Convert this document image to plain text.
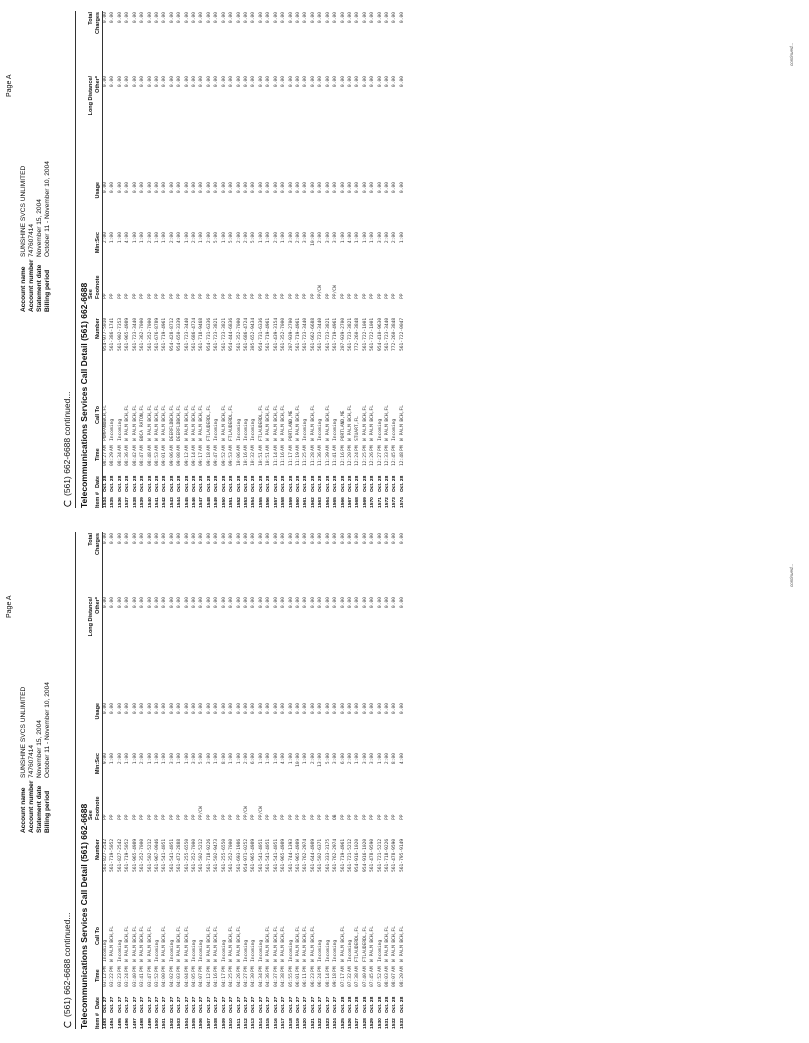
Page A
Account name Account number Statement date Billing period
SUNSHINE SVCS UNLIMITED 747607414 November 15, 2004 October 11 - November 10, 2004
(561) 662-6688 continued... Telecommunications Services Call Detail (561) 662-6688 See
Long Distance/
Total
Item #
Date
Time
Call To
Number
Footnote
Min:Sec
Usage
Other*
Charges
1493
Oct. 27
03:12
PM
Incoming
561-827-2542
PP
9:00
0.00
0.00
0.00
1494
Oct. 27
03:22
PM
W PALM BCH,FL
561-719-5052
PP
1:00
0.00
0.00
0.00
1495
Oct. 27
03:23
PM
Incoming
561-827-2542
PP
2:00
0.00
0.00
0.00
1496
Oct. 27
03:24
PM
W PALM BCH,FL
561-719-5052
PP
1:00
0.00
0.00
0.00
1497
Oct. 27
03:40
PM
W PALM BCH,FL
561-965-4989
PP
1:00
0.00
0.00
0.00
1498
Oct. 27
03:41
PM
W PALM BCH,FL
561-352-7000
PP
2:00
0.00
0.00
0.00
1499
Oct. 27
03:47
PM
W PALM BCH,FL
561-502-5212
PP
1:00
0.00
0.00
0.00
1500
Oct. 27
03:52
PM
Incoming
561-967-0946
PP
1:00
0.00
0.00
0.00
1501
Oct. 27
04:00
PM
W PALM BCH,FL
561-541-4051
PP
1:00
0.00
0.00
0.00
1502
Oct. 27
04:02
PM
Incoming
561-541-4051
PP
3:00
0.00
0.00
0.00
1503
Oct. 27
04:03
PM
W PALM BCH,FL
561-472-2888
PP
1:00
0.00
0.00
0.00
1504
Oct. 27
04:04
PM
W PALM BCH,FL
561-255-6550
PP
1:00
0.00
0.00
0.00
1505
Oct. 27
04:05
PM
Incoming
561-352-7000
PP
3:00
0.00
0.00
0.00
1506
Oct. 27
04:07
PM
Incoming
561-502-5212
PP/CW
5:00
0.00
0.00
0.00
1507
Oct. 27
04:12
PM
W PALM BCH,FL
561-718-9226
PP
3:00
0.00
0.00
0.00
1508
Oct. 27
04:16
PM
W PALM BCH,FL
561-502-9473
PP
1:00
0.00
0.00
0.00
1509
Oct. 27
04:17
PM
Incoming
561-255-6550
PP
8:00
0.00
0.00
0.00
1510
Oct. 27
04:25
PM
W PALM BCH,FL
561-352-7000
PP
1:00
0.00
0.00
0.00
1511
Oct. 27
04:26
PM
W PALM BCH,FL
561-693-1986
PP
1:00
0.00
0.00
0.00
1512
Oct. 27
04:27
PM
Incoming
954-971-0252
PP/CW
2:00
0.00
0.00
0.00
1513
Oct. 27
04:30
PM
Incoming
561-965-4989
PP
6:00
0.00
0.00
0.00
1514
Oct. 27
04:34
PM
Incoming
561-541-4051
PP/CW
1:00
0.00
0.00
0.00
1515
Oct. 27
04:36
PM
W PALM BCH,FL
561-541-4051
PP
1:00
0.00
0.00
0.00
1516
Oct. 27
04:37
PM
W PALM BCH,FL
561-541-4051
PP
1:00
0.00
0.00
0.00
1517
Oct. 27
04:38
PM
W PALM BCH,FL
561-965-4989
PP
4:00
0.00
0.00
0.00
1518
Oct. 27
05:55
PM
Incoming
561-744-1393
PP
1:00
0.00
0.00
0.00
1519
Oct. 27
06:01
PM
W PALM BCH,FL
561-965-4989
PP
10:00
0.00
0.00
0.00
1520
Oct. 27
06:11
PM
W PALM BCH,FL
561-762-2974
PP
1:00
0.00
0.00
0.00
1521
Oct. 27
06:23
PM
W PALM BCH,FL
561-644-4989
PP
2:00
0.00
0.00
0.00
1522
Oct. 27
06:24
PM
Incoming
561-502-6371
PP
13:00
0.00
0.00
0.00
1523
Oct. 27
08:14
PM
Incoming
561-333-3175
PP
5:00
0.00
0.00
0.00
1524
Oct. 27
09:18
PM
Incoming
561-762-2974
OB
3:00
0.00
0.00
0.00
1525
Oct. 28
07:17
AM
W PALM BCH,FL
561-719-4961
PP
6:00
0.00
0.00
0.00
1526
Oct. 28
07:32
AM
Incoming
561-721-5212
PP
2:00
0.00
0.00
0.00
1527
Oct. 28
07:38
AM
FTLAUDERDL,FL
954-916-1020
PP
1:00
0.00
0.00
0.00
1528
Oct. 28
07:40
AM
FTLAUDERDL,FL
954-916-1020
PP
3:00
0.00
0.00
0.00
1529
Oct. 28
07:45
AM
W PALM BCH,FL
561-478-9590
PP
3:00
0.00
0.00
0.00
1530
Oct. 28
07:52
AM
Incoming
561-721-5212
PP
1:00
0.00
0.00
0.00
1531
Oct. 28
08:03
AM
W PALM BCH,FL
561-718-9226
PP
2:00
0.00
0.00
0.00
1532
Oct. 28
08:07
AM
W PALM BCH,FL
561-478-9590
PP
8:00
0.00
0.00
0.00
1533
Oct. 28
08:20
AM
W PALM BCH,FL
561-795-9149
PP
4:00
0.00
0.00
0.00
continued...
Page A
Account name Account number Statement date Billing period
SUNSHINE SVCS UNLIMITED 747607414 November 15, 2004 October 11 - November 10, 2004
(561) 662-6688 continued... Telecommunications Services Call Detail (561) 662-6688 See
Long Distance/
Total
Item #
Date
Time
Call To
Number
Footnote
Min:Sec
Usage
Other*
Charges
1534
Oct. 28
08:27
AM
POMPANOBCH,FL
954-977-5010
PP
2:00
0.00
0.00
0.00
1535
Oct. 28
08:29
AM
Incoming
561-386-1741
PP
1:00
0.00
0.00
0.00
1536
Oct. 28
08:34
AM
Incoming
561-902-7353
PP
1:00
0.00
0.00
0.00
1537
Oct. 28
08:36
AM
W PALM BCH,FL
561-965-4989
PP
4:00
0.00
0.00
0.00
1538
Oct. 28
08:42
AM
W PALM BCH,FL
561-723-3440
PP
1:00
0.00
0.00
0.00
1539
Oct. 28
08:47
AM
BOCA RATON,FL
561-362-7000
PP
1:00
0.00
0.00
0.00
1540
Oct. 28
08:48
AM
W PALM BCH,FL
561-352-7000
PP
2:00
0.00
0.00
0.00
1541
Oct. 28
08:53
AM
W PALM BCH,FL
561-676-8789
PP
1:00
0.00
0.00
0.00
1542
Oct. 28
09:01
AM
W PALM BCH,FL
561-719-4961
PP
1:00
0.00
0.00
0.00
1543
Oct. 28
09:06
AM
DEERFLDBCH,FL
954-428-8712
PP
2:00
0.00
0.00
0.00
1544
Oct. 28
09:08
AM
DEERFLDBCH,FL
954-650-3339
PP
4:00
0.00
0.00
0.00
1545
Oct. 28
09:12
AM
W PALM BCH,FL
561-723-3440
PP
1:00
0.00
0.00
0.00
1546
Oct. 28
09:14
AM
W PALM BCH,FL
561-686-4724
PP
2:00
0.00
0.00
0.00
1547
Oct. 28
09:17
AM
W PALM BCH,FL
561-718-9468
PP
1:00
0.00
0.00
0.00
1548
Oct. 28
09:18
AM
FTLAUDERDL,FL
954-731-6336
PP
2:00
0.00
0.00
0.00
1549
Oct. 28
09:47
AM
Incoming
561-723-3821
PP
5:00
0.00
0.00
0.00
1550
Oct. 28
09:52
AM
W PALM BCH,FL
561-723-3821
PP
1:00
0.00
0.00
0.00
1551
Oct. 28
09:53
AM
FTLAUDERDL,FL
954-444-6836
PP
5:00
0.00
0.00
0.00
1552
Oct. 28
10:06
AM
Incoming
561-352-7000
PP
2:00
0.00
0.00
0.00
1553
Oct. 28
10:16
AM
Incoming
561-686-4724
PP
2:00
0.00
0.00
0.00
1554
Oct. 28
10:32
AM
Incoming
305-652-9434
PP
5:00
0.00
0.00
0.00
1555
Oct. 28
10:51
AM
FTLAUDERDL,FL
954-731-6336
PP
1:00
0.00
0.00
0.00
1556
Oct. 28
10:51
AM
W PALM BCH,FL
561-719-4961
PP
1:00
0.00
0.00
0.00
1557
Oct. 28
11:14
AM
W PALM BCH,FL
561-439-3154
PP
2:00
0.00
0.00
0.00
1558
Oct. 28
11:16
AM
W PALM BCH,FL
561-352-7000
PP
1:00
0.00
0.00
0.00
1559
Oct. 28
11:17
AM
PORTLAND,ME
207-939-2700
PP
3:00
0.00
0.00
0.00
1560
Oct. 28
11:19
AM
W PALM BCH,FL
561-719-4961
PP
2:00
0.00
0.00
0.00
1561
Oct. 28
11:25
AM
Incoming
561-723-3440
PP
3:00
0.00
0.00
0.00
1562
Oct. 28
11:28
AM
W PALM BCH,FL
561-662-6688
PP
10:00
0.00
0.00
0.00
1563
Oct. 28
11:36
AM
Incoming
561-723-3440
PP/CW
2:00
0.00
0.00
0.00
1564
Oct. 28
11:39
AM
W PALM BCH,FL
561-723-3821
PP
3:00
0.00
0.00
0.00
1565
Oct. 28
11:41
AM
Incoming
561-719-4961
PP/CW
3:00
0.00
0.00
0.00
1566
Oct. 28
12:16
PM
PORTLAND,ME
207-939-2700
PP
1:00
0.00
0.00
0.00
1567
Oct. 28
12:20
PM
W PALM BCH,FL
561-723-3821
PP
4:00
0.00
0.00
0.00
1568
Oct. 28
12:24
PM
STUART,FL
772-260-3848
PP
1:00
0.00
0.00
0.00
1569
Oct. 28
12:25
PM
W PALM BCH,FL
561-722-1001
PP
1:00
0.00
0.00
0.00
1570
Oct. 28
12:26
PM
W PALM BCH,FL
561-722-1001
PP
1:00
0.00
0.00
0.00
1571
Oct. 28
12:27
PM
Incoming
954-410-9630
PP
3:00
0.00
0.00
0.00
1572
Oct. 28
12:33
PM
W PALM BCH,FL
561-723-3440
PP
2:00
0.00
0.00
0.00
1573
Oct. 28
12:45
PM
Incoming
772-260-3848
PP
2:00
0.00
0.00
0.00
1574
Oct. 28
12:48
PM
W PALM BCH,FL
561-722-0047
PP
1:00
0.00
0.00
0.00
continued...
